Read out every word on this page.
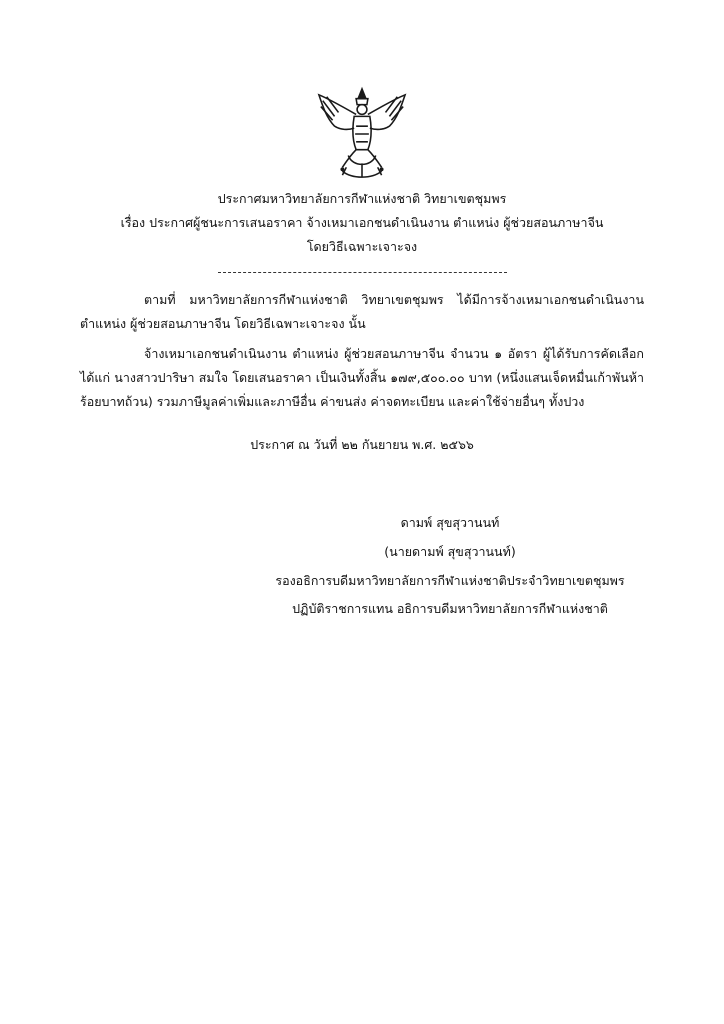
ประกาศมหาวิทยาลัยการกีฬาแห่งชาติ วิทยาเขตชุมพร
เรื่อง ประกาศผู้ชนะการเสนอราคา จ้างเหมาเอกชนดำเนินงาน ตำแหน่ง ผู้ช่วยสอนภาษาจีน
โดยวิธีเฉพาะเจาะจง
ตามที่ มหาวิทยาลัยการกีฬาแห่งชาติ วิทยาเขตชุมพร ได้มีการจ้างเหมาเอกชนดำเนินงาน ตำแหน่ง ผู้ช่วยสอนภาษาจีน โดยวิธีเฉพาะเจาะจง นั้น
จ้างเหมาเอกชนดำเนินงาน ตำแหน่ง ผู้ช่วยสอนภาษาจีน จำนวน ๑ อัตรา ผู้ได้รับการคัดเลือก ได้แก่ นางสาวปาริษา สมใจ โดยเสนอราคา เป็นเงินทั้งสิ้น ๑๗๙,๕๐๐.๐๐ บาท (หนึ่งแสนเจ็ดหมื่นเก้าพันห้าร้อยบาทถ้วน) รวมภาษีมูลค่าเพิ่มและภาษีอื่น ค่าขนส่ง ค่าจดทะเบียน และค่าใช้จ่ายอื่นๆ ทั้งปวง
ประกาศ ณ วันที่ ๒๒ กันยายน พ.ศ. ๒๕๖๖
ดามพ์ สุขสุวานนท์
(นายดามพ์ สุขสุวานนท์)
รองอธิการบดีมหาวิทยาลัยการกีฬาแห่งชาติประจำวิทยาเขตชุมพร
ปฏิบัติราชการแทน อธิการบดีมหาวิทยาลัยการกีฬาแห่งชาติ
